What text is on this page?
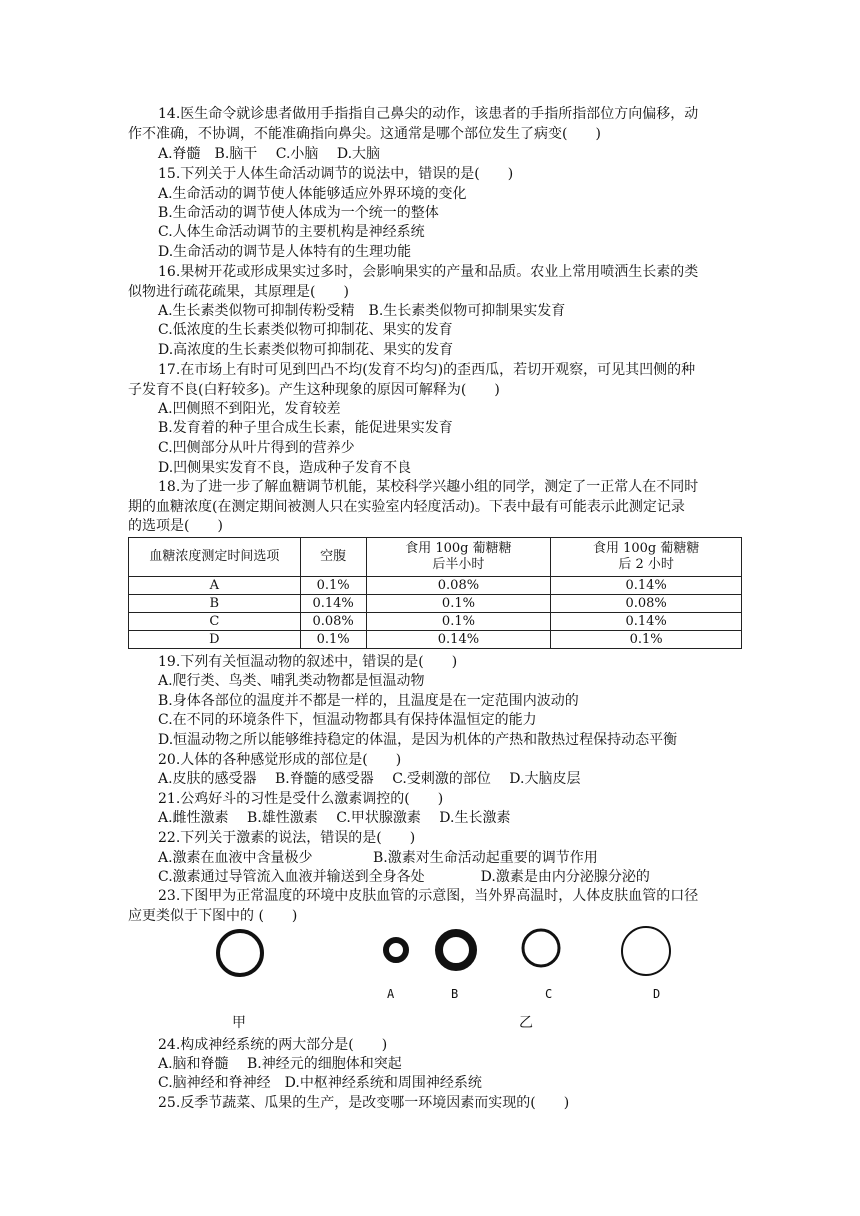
14.医生命令就诊患者做用手指指自己鼻尖的动作，该患者的手指所指部位方向偏移，动
作不准确，不协调，不能准确指向鼻尖。这通常是哪个部位发生了病变(　　)
A.脊髓　B.脑干　 C.小脑　 D.大脑
15.下列关于人体生命活动调节的说法中，错误的是(　　)
A.生命活动的调节使人体能够适应外界环境的变化
B.生命活动的调节使人体成为一个统一的整体
C.人体生命活动调节的主要机构是神经系统
D.生命活动的调节是人体特有的生理功能
16.果树开花或形成果实过多时，会影响果实的产量和品质。农业上常用喷洒生长素的类
似物进行疏花疏果，其原理是(　　)
A.生长素类似物可抑制传粉受精　B.生长素类似物可抑制果实发育
C.低浓度的生长素类似物可抑制花、果实的发育
D.高浓度的生长素类似物可抑制花、果实的发育
17.在市场上有时可见到凹凸不均(发育不均匀)的歪西瓜，若切开观察，可见其凹侧的种
子发育不良(白籽较多)。产生这种现象的原因可解释为(　　)
A.凹侧照不到阳光，发育较差
B.发育着的种子里合成生长素，能促进果实发育
C.凹侧部分从叶片得到的营养少
D.凹侧果实发育不良，造成种子发育不良
18.为了进一步了解血糖调节机能，某校科学兴趣小组的同学，测定了一正常人在不同时
期的血糖浓度(在测定期间被测人只在实验室内轻度活动)。下表中最有可能表示此测定记录
的选项是(　　)
血糖浓度测定时间选项	空腹	食用 100g 葡糖糖
后半小时	食用 100g 葡糖糖
后 2 小时
A	0.1%	0.08%	0.14%
B	0.14%	0.1%	0.08%
C	0.08%	0.1%	0.14%
D	0.1%	0.14%	0.1%
19.下列有关恒温动物的叙述中，错误的是(　　)
A.爬行类、鸟类、哺乳类动物都是恒温动物
B.身体各部位的温度并不都是一样的，且温度是在一定范围内波动的
C.在不同的环境条件下，恒温动物都具有保持体温恒定的能力
D.恒温动物之所以能够维持稳定的体温，是因为机体的产热和散热过程保持动态平衡
20.人体的各种感觉形成的部位是(　　)
A.皮肤的感受器　 B.脊髓的感受器　 C.受刺激的部位　 D.大脑皮层
21.公鸡好斗的习性是受什么激素调控的(　　)
A.雌性激素　 B.雄性激素　 C.甲状腺激素　 D.生长激素
22.下列关于激素的说法，错误的是(　　)
A.激素在血液中含量极少　　　　 B.激素对生命活动起重要的调节作用
C.激素通过导管流入血液并输送到全身各处　　　　D.激素是由内分泌腺分泌的
23.下图甲为正常温度的环境中皮肤血管的示意图，当外界高温时，人体皮肤血管的口径
应更类似于下图中的 (　　)
A	B	C	D
甲	乙
24.构成神经系统的两大部分是(　　)
A.脑和脊髓　 B.神经元的细胞体和突起
C.脑神经和脊神经　D.中枢神经系统和周围神经系统
25.反季节蔬菜、瓜果的生产，是改变哪一环境因素而实现的(　　)
